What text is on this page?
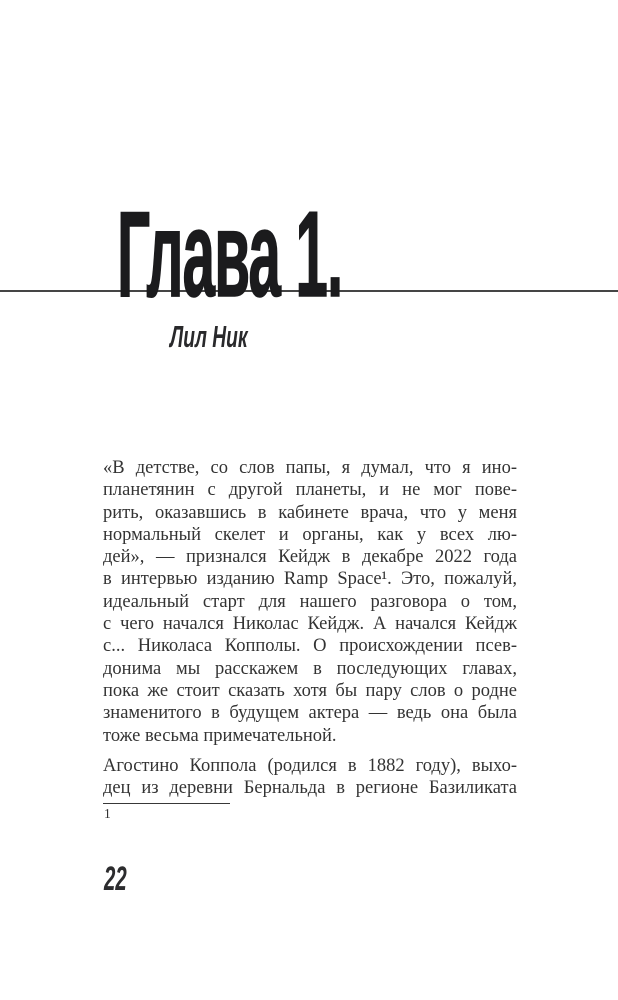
Глава 1.
Лил Ник
«В детстве, со слов папы, я думал, что я ино-
планетянин с другой планеты, и не мог пове-
рить, оказавшись в кабинете врача, что у меня
нормальный скелет и органы, как у всех лю-
дей», — признался Кейдж в декабре 2022 года
в интервью изданию Ramp Space¹. Это, пожалуй,
идеальный старт для нашего разговора о том,
с чего начался Николас Кейдж. А начался Кейдж
с... Николаса Копполы. О происхождении псев-
донима мы расскажем в последующих главах,
пока же стоит сказать хотя бы пару слов о родне
знаменитого в будущем актера — ведь она была
тоже весьма примечательной.
Агостино Коппола (родился в 1882 году), выхо-
дец из деревни Бернальда в регионе Базиликата
1
22
